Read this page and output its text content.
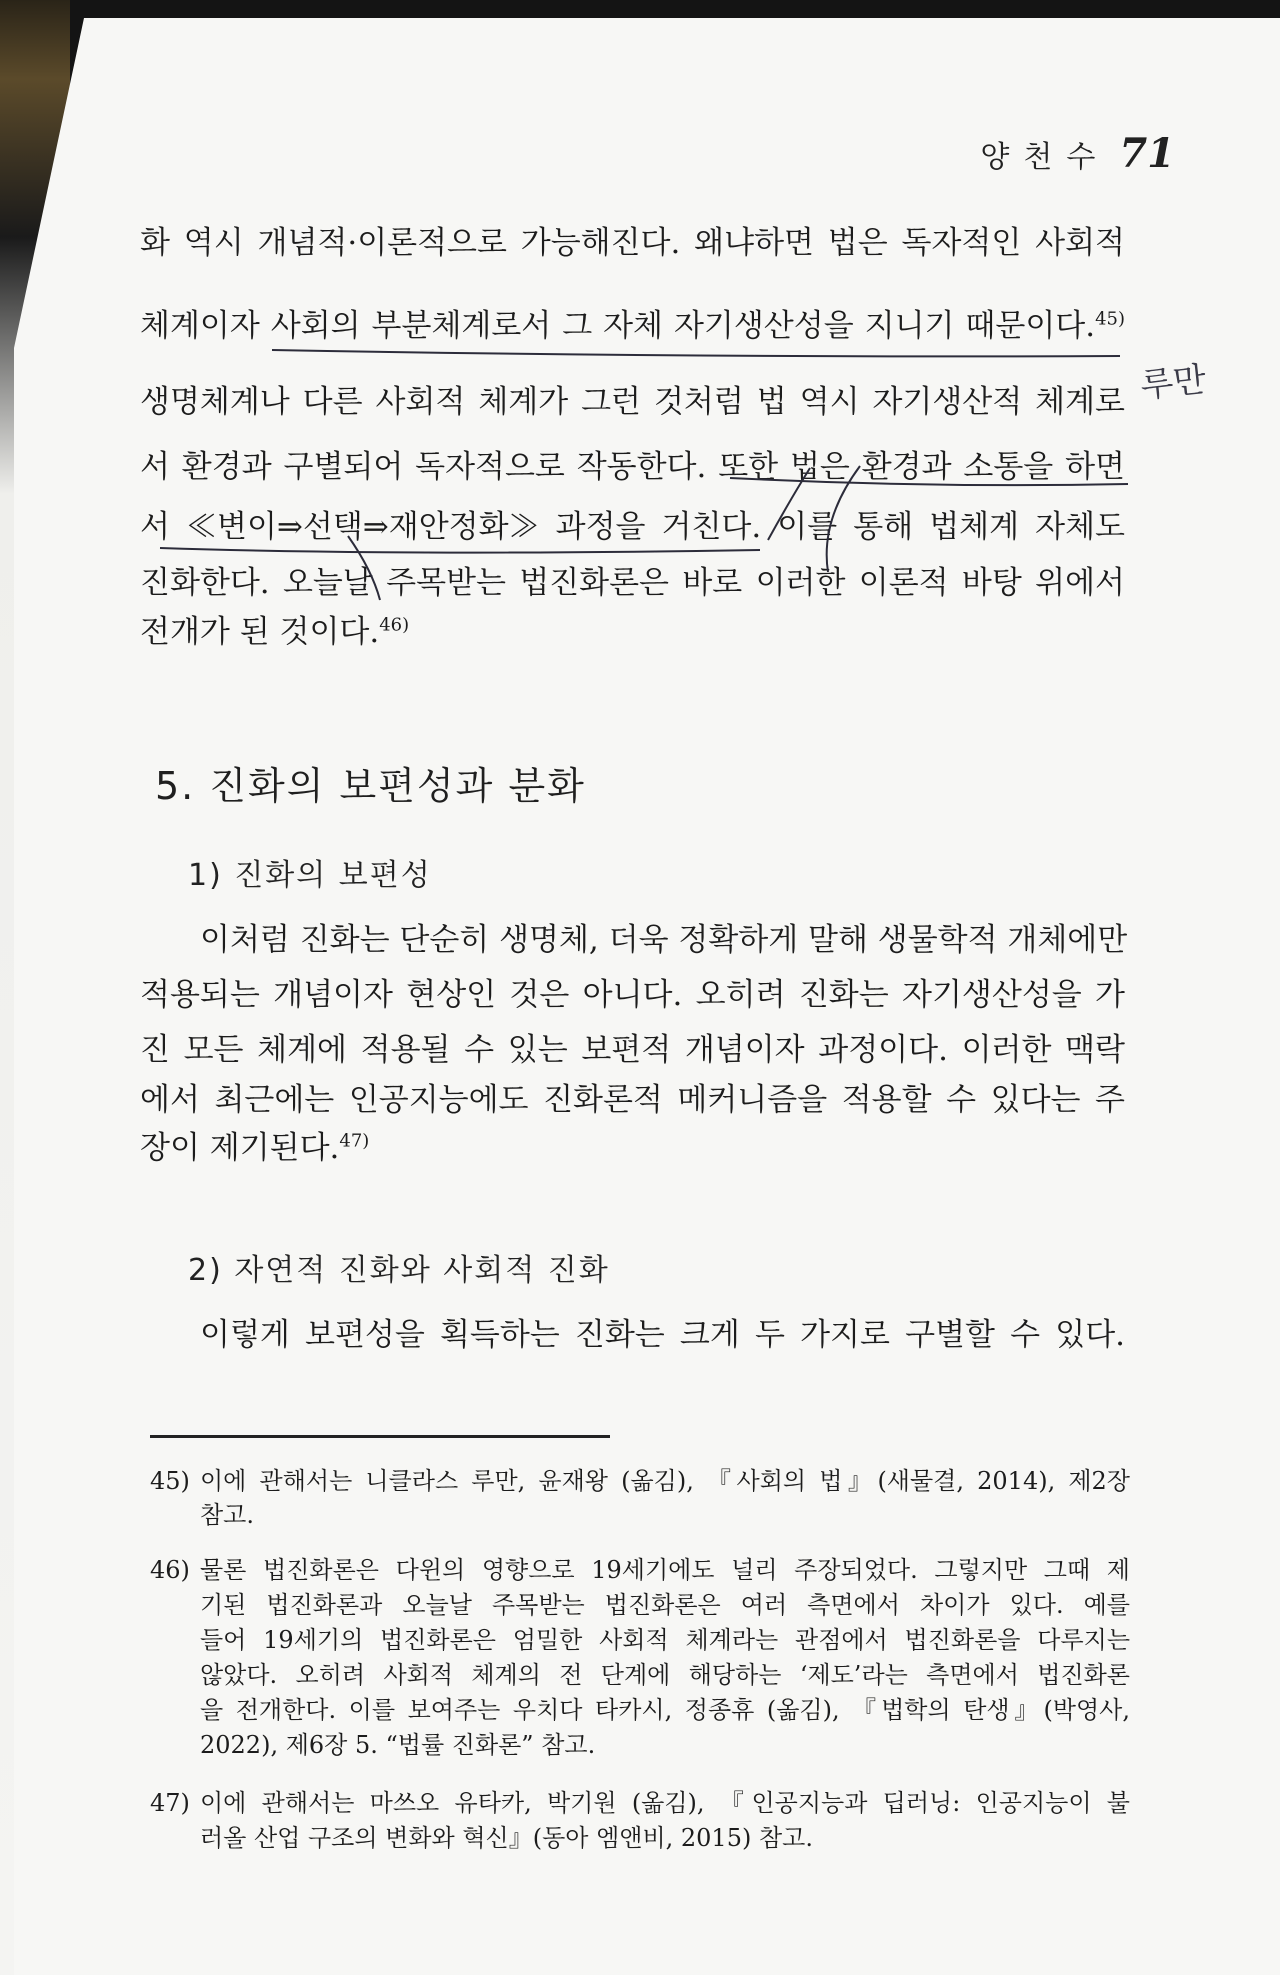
양천수 71
화 역시 개념적·이론적으로 가능해진다. 왜냐하면 법은 독자적인 사회적
체계이자 사회의 부분체계로서 그 자체 자기생산성을 지니기 때문이다.$^{45)}$
생명체계나 다른 사회적 체계가 그런 것처럼 법 역시 자기생산적 체계로
서 환경과 구별되어 독자적으로 작동한다. 또한 법은 환경과 소통을 하면
서 ≪변이⇒선택⇒재안정화≫ 과정을 거친다. 이를 통해 법체계 자체도
진화한다. 오늘날 주목받는 법진화론은 바로 이러한 이론적 바탕 위에서
전개가 된 것이다.$^{46)}$
루만
5. 진화의 보편성과 분화
1) 진화의 보편성
이처럼 진화는 단순히 생명체, 더욱 정확하게 말해 생물학적 개체에만
적용되는 개념이자 현상인 것은 아니다. 오히려 진화는 자기생산성을 가
진 모든 체계에 적용될 수 있는 보편적 개념이자 과정이다. 이러한 맥락
에서 최근에는 인공지능에도 진화론적 메커니즘을 적용할 수 있다는 주
장이 제기된다.$^{47)}$
2) 자연적 진화와 사회적 진화
이렇게 보편성을 획득하는 진화는 크게 두 가지로 구별할 수 있다.
45) 이에 관해서는 니클라스 루만, 윤재왕 (옮김), 『사회의 법』(새물결, 2014), 제2장
참고.
46) 물론 법진화론은 다윈의 영향으로 19세기에도 널리 주장되었다. 그렇지만 그때 제
기된 법진화론과 오늘날 주목받는 법진화론은 여러 측면에서 차이가 있다. 예를
들어 19세기의 법진화론은 엄밀한 사회적 체계라는 관점에서 법진화론을 다루지는
않았다. 오히려 사회적 체계의 전 단계에 해당하는 ‘제도’라는 측면에서 법진화론
을 전개한다. 이를 보여주는 우치다 타카시, 정종휴 (옮김), 『법학의 탄생』(박영사,
2022), 제6장 5. “법률 진화론” 참고.
47) 이에 관해서는 마쓰오 유타카, 박기원 (옮김), 『인공지능과 딥러닝: 인공지능이 불
러올 산업 구조의 변화와 혁신』(동아 엠앤비, 2015) 참고.
